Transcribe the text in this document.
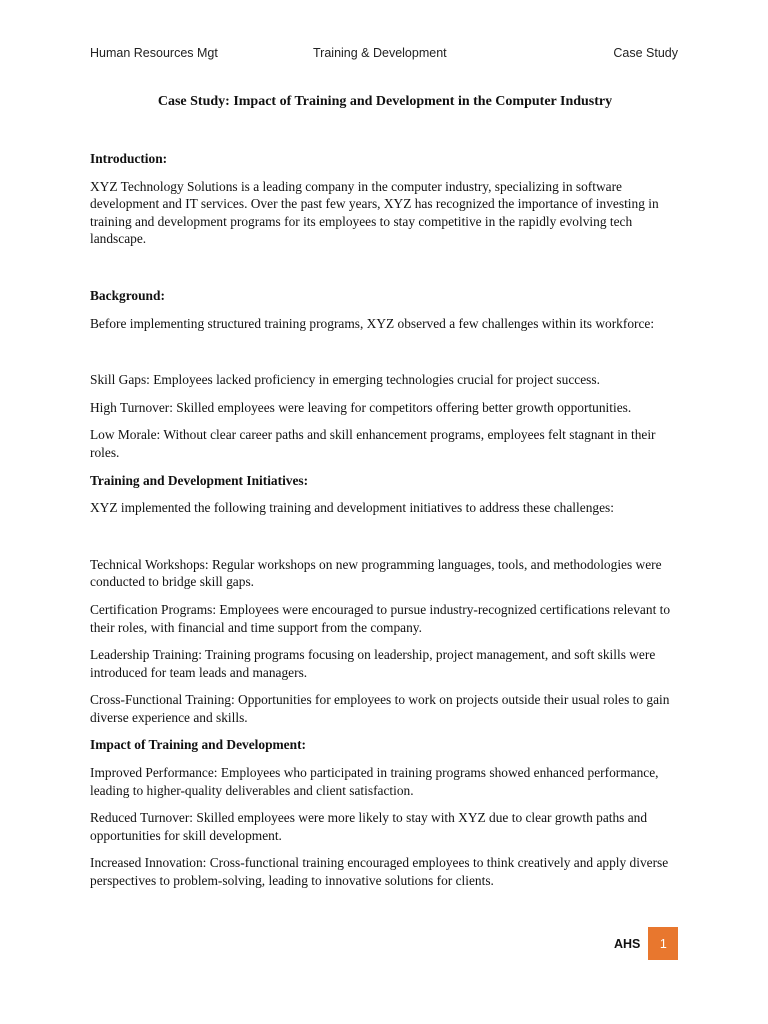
Human Resources Mgt	Training & Development	Case Study
Case Study: Impact of Training and Development in the Computer Industry

Introduction:

XYZ Technology Solutions is a leading company in the computer industry, specializing in software development and IT services. Over the past few years, XYZ has recognized the importance of investing in training and development programs for its employees to stay competitive in the rapidly evolving tech landscape.

Background:

Before implementing structured training programs, XYZ observed a few challenges within its workforce:

Skill Gaps: Employees lacked proficiency in emerging technologies crucial for project success.

High Turnover: Skilled employees were leaving for competitors offering better growth opportunities.

Low Morale: Without clear career paths and skill enhancement programs, employees felt stagnant in their roles.

Training and Development Initiatives:

XYZ implemented the following training and development initiatives to address these challenges:

Technical Workshops: Regular workshops on new programming languages, tools, and methodologies were conducted to bridge skill gaps.

Certification Programs: Employees were encouraged to pursue industry-recognized certifications relevant to their roles, with financial and time support from the company.

Leadership Training: Training programs focusing on leadership, project management, and soft skills were introduced for team leads and managers.

Cross-Functional Training: Opportunities for employees to work on projects outside their usual roles to gain diverse experience and skills.

Impact of Training and Development:

Improved Performance: Employees who participated in training programs showed enhanced performance, leading to higher-quality deliverables and client satisfaction.

Reduced Turnover: Skilled employees were more likely to stay with XYZ due to clear growth paths and opportunities for skill development.

Increased Innovation: Cross-functional training encouraged employees to think creatively and apply diverse perspectives to problem-solving, leading to innovative solutions for clients.

AHS	1
